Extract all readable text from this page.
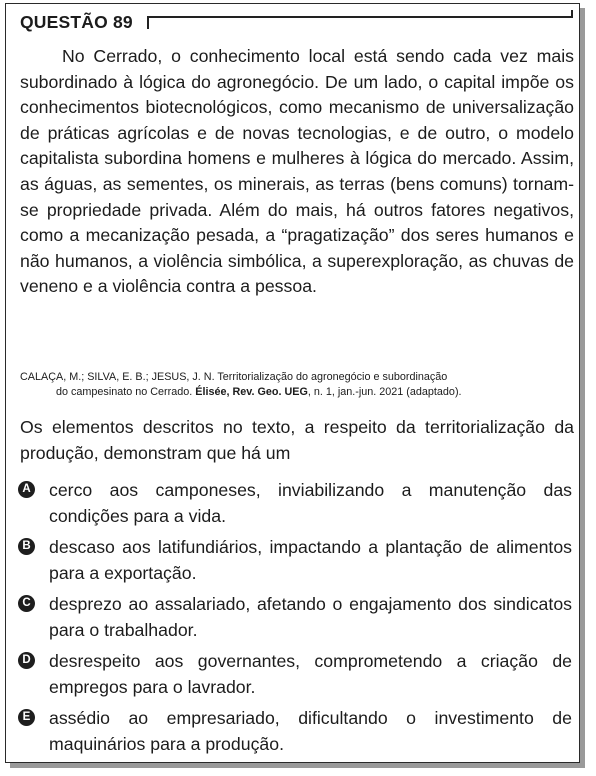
QUESTÃO 89
No Cerrado, o conhecimento local está sendo cada vez mais subordinado à lógica do agronegócio. De um lado, o capital impõe os conhecimentos biotecnológicos, como mecanismo de universalização de práticas agrícolas e de novas tecnologias, e de outro, o modelo capitalista subordina homens e mulheres à lógica do mercado. Assim, as águas, as sementes, os minerais, as terras (bens comuns) tornam-se propriedade privada. Além do mais, há outros fatores negativos, como a mecanização pesada, a “pragatização” dos seres humanos e não humanos, a violência simbólica, a superexploração, as chuvas de veneno e a violência contra a pessoa.
CALAÇA, M.; SILVA, E. B.; JESUS, J. N. Territorialização do agronegócio e subordinação
do campesinato no Cerrado. Élisée, Rev. Geo. UEG, n. 1, jan.-jun. 2021 (adaptado).
Os elementos descritos no texto, a respeito da territorialização da produção, demonstram que há um
A cerco aos camponeses, inviabilizando a manutenção das condições para a vida.
B descaso aos latifundiários, impactando a plantação de alimentos para a exportação.
C desprezo ao assalariado, afetando o engajamento dos sindicatos para o trabalhador.
D desrespeito aos governantes, comprometendo a criação de empregos para o lavrador.
E assédio ao empresariado, dificultando o investimento de maquinários para a produção.
